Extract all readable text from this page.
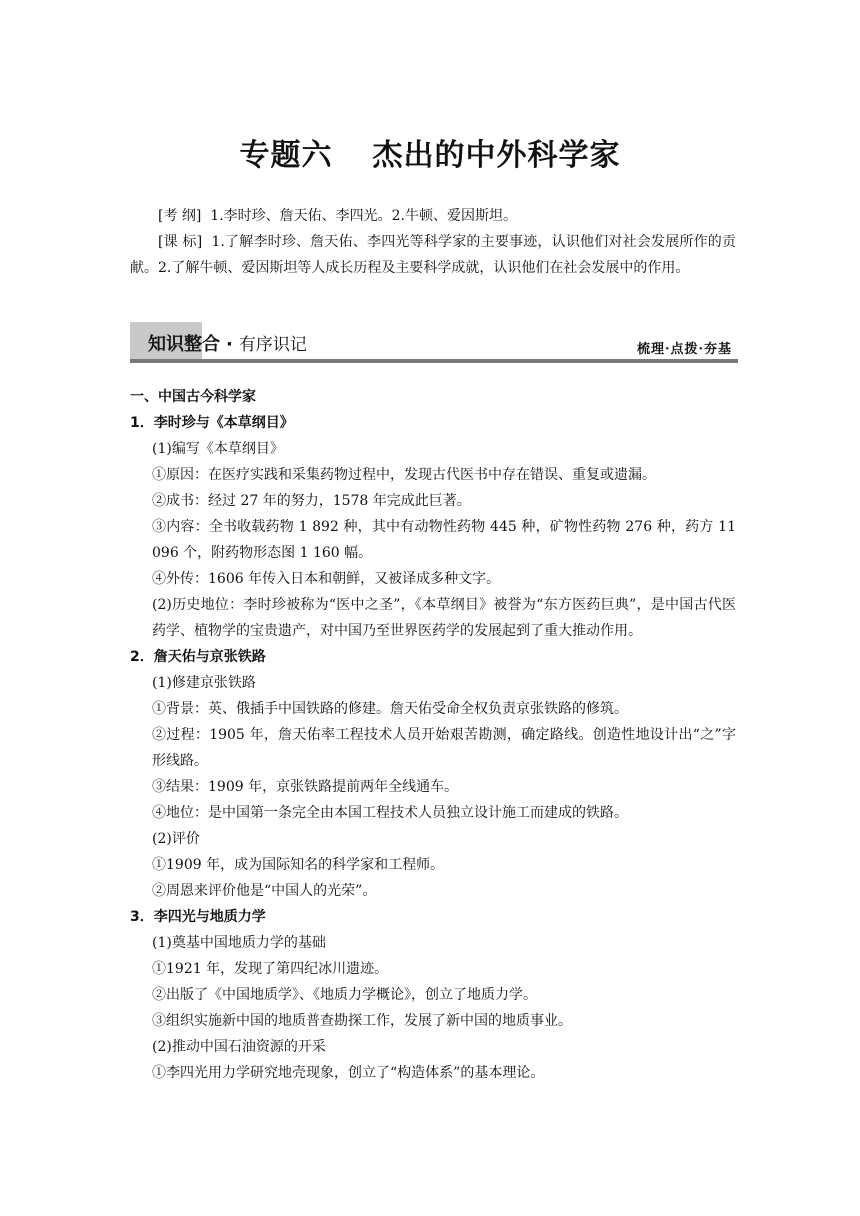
专题六 杰出的中外科学家

[考 纲] 1.李时珍、詹天佑、李四光。2.牛顿、爱因斯坦。

[课 标] 1.了解李时珍、詹天佑、李四光等科学家的主要事迹，认识他们对社会发展所作的贡献。2.了解牛顿、爱因斯坦等人成长历程及主要科学成就，认识他们在社会发展中的作用。

知识整合 · 有序识记	梳理·点拨·夯基

一、中国古今科学家

1．李时珍与《本草纲目》

(1)编写《本草纲目》

①原因：在医疗实践和采集药物过程中，发现古代医书中存在错误、重复或遗漏。

②成书：经过 27 年的努力，1578 年完成此巨著。

③内容：全书收载药物 1 892 种，其中有动物性药物 445 种，矿物性药物 276 种，药方 11 096 个，附药物形态图 1 160 幅。

④外传：1606 年传入日本和朝鲜，又被译成多种文字。

(2)历史地位：李时珍被称为“医中之圣”，《本草纲目》被誉为“东方医药巨典”，是中国古代医药学、植物学的宝贵遗产，对中国乃至世界医药学的发展起到了重大推动作用。

2．詹天佑与京张铁路

(1)修建京张铁路

①背景：英、俄插手中国铁路的修建。詹天佑受命全权负责京张铁路的修筑。

②过程：1905 年，詹天佑率工程技术人员开始艰苦勘测，确定路线。创造性地设计出“之”字形线路。

③结果：1909 年，京张铁路提前两年全线通车。

④地位：是中国第一条完全由本国工程技术人员独立设计施工而建成的铁路。

(2)评价

①1909 年，成为国际知名的科学家和工程师。

②周恩来评价他是“中国人的光荣”。

3．李四光与地质力学

(1)奠基中国地质力学的基础

①1921 年，发现了第四纪冰川遗迹。

②出版了《中国地质学》、《地质力学概论》，创立了地质力学。

③组织实施新中国的地质普查勘探工作，发展了新中国的地质事业。

(2)推动中国石油资源的开采

①李四光用力学研究地壳现象，创立了“构造体系”的基本理论。
